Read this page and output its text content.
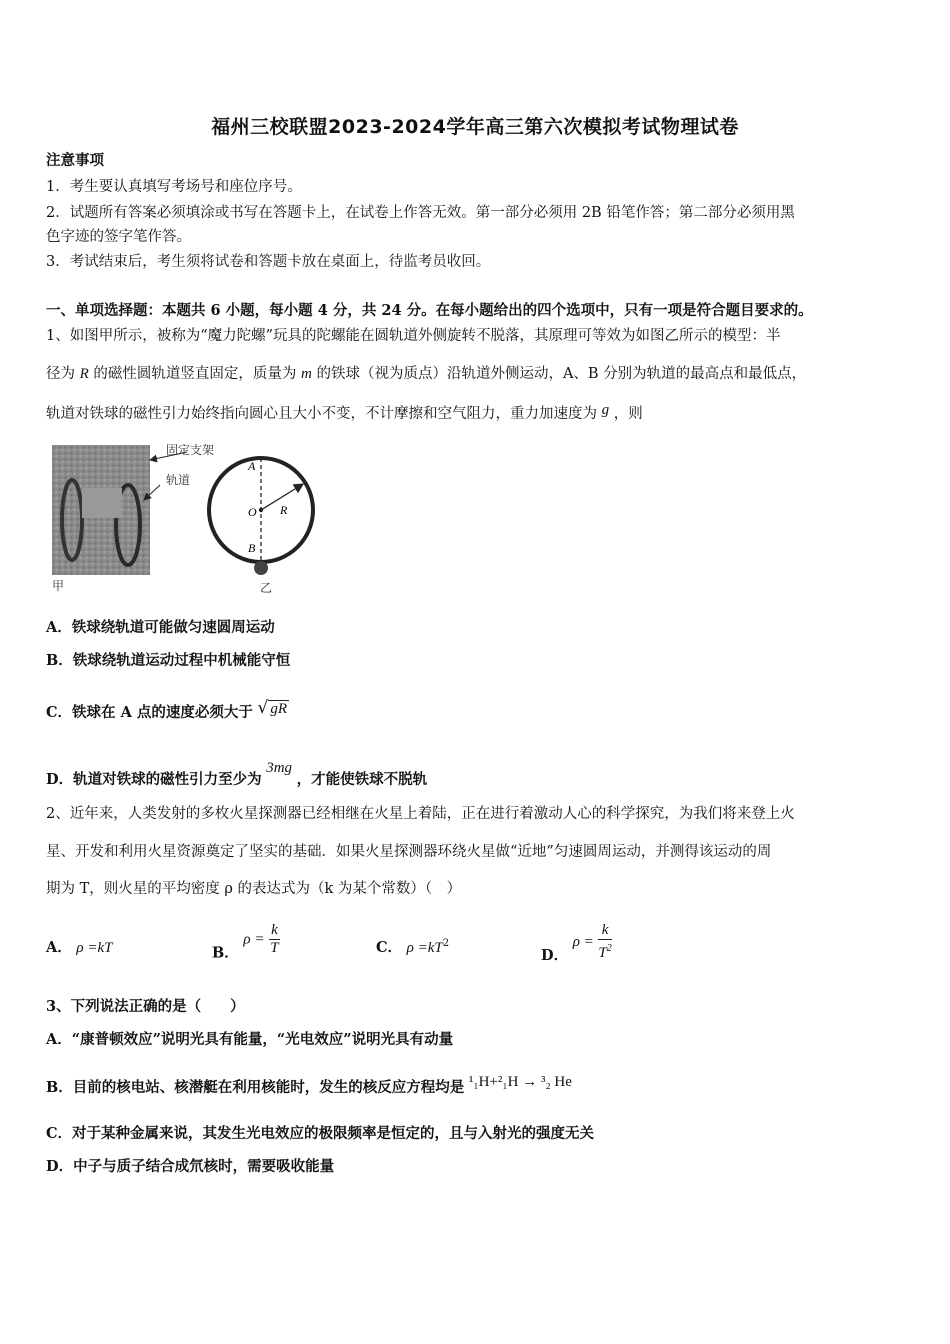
福州三校联盟2023-2024学年高三第六次模拟考试物理试卷
注意事项
1．考生要认真填写考场号和座位序号。
2．试题所有答案必须填涂或书写在答题卡上，在试卷上作答无效。第一部分必须用 2B 铅笔作答；第二部分必须用黑
色字迹的签字笔作答。
3．考试结束后，考生须将试卷和答题卡放在桌面上，待监考员收回。
一、单项选择题：本题共 6 小题，每小题 4 分，共 24 分。在每小题给出的四个选项中，只有一项是符合题目要求的。
1、如图甲所示，被称为“魔力陀螺”玩具的陀螺能在圆轨道外侧旋转不脱落，其原理可等效为如图乙所示的模型：半
径为 R 的磁性圆轨道竖直固定，质量为 m 的铁球（视为质点）沿轨道外侧运动，A、B 分别为轨道的最高点和最低点，
轨道对铁球的磁性引力始终指向圆心且大小不变，不计摩擦和空气阻力，重力加速度为 g ，则
甲
固定支架
轨道
A
O
B
R
乙
A．铁球绕轨道可能做匀速圆周运动
B．铁球绕轨道运动过程中机械能守恒
C．铁球在 A 点的速度必须大于 √ gR
D．轨道对铁球的磁性引力至少为 3mg ，才能使铁球不脱轨
2、近年来，人类发射的多枚火星探测器已经相继在火星上着陆，正在进行着激动人心的科学探究，为我们将来登上火
星、开发和利用火星资源奠定了坚实的基础．如果火星探测器环绕火星做“近地”匀速圆周运动，并测得该运动的周
期为 T，则火星的平均密度 ρ 的表达式为（k 为某个常数）（　）
A． ρ =kT	B． $\rho = \frac{k}{T}$	C． $\rho =kT^2$
D． $\rho = \frac{k}{T^2}$
3、下列说法正确的是（　　）
A．“康普顿效应”说明光具有能量，“光电效应”说明光具有动量
B．目前的核电站、核潜艇在利用核能时，发生的核反应方程均是 ¹₁H+²₁H → ³₂ He
C．对于某种金属来说，其发生光电效应的极限频率是恒定的，且与入射光的强度无关
D．中子与质子结合成氘核时，需要吸收能量
